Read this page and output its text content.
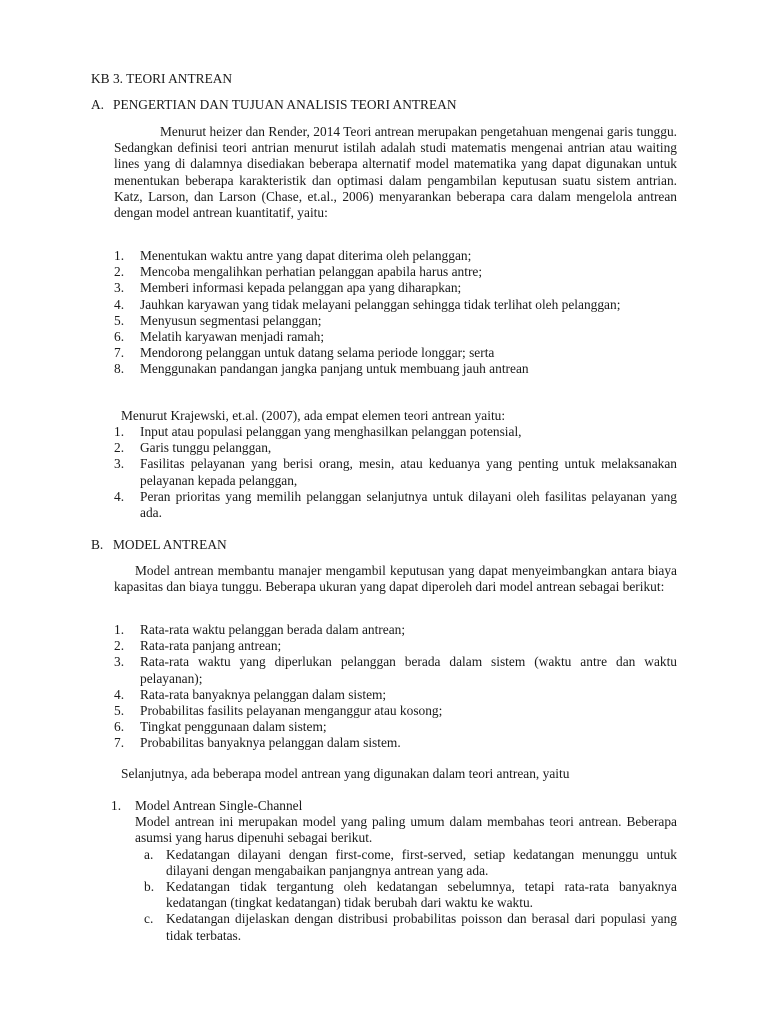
KB 3. TEORI ANTREAN
A. PENGERTIAN DAN TUJUAN ANALISIS TEORI ANTREAN
Menurut heizer dan Render, 2014 Teori antrean merupakan pengetahuan mengenai garis tunggu. Sedangkan definisi teori antrian menurut istilah adalah studi matematis mengenai antrian atau waiting lines yang di dalamnya disediakan beberapa alternatif model matematika yang dapat digunakan untuk menentukan beberapa karakteristik dan optimasi dalam pengambilan keputusan suatu sistem antrian. Katz, Larson, dan Larson (Chase, et.al., 2006) menyarankan beberapa cara dalam mengelola antrean dengan model antrean kuantitatif, yaitu:
1. Menentukan waktu antre yang dapat diterima oleh pelanggan;
2. Mencoba mengalihkan perhatian pelanggan apabila harus antre;
3. Memberi informasi kepada pelanggan apa yang diharapkan;
4. Jauhkan karyawan yang tidak melayani pelanggan sehingga tidak terlihat oleh pelanggan;
5. Menyusun segmentasi pelanggan;
6. Melatih karyawan menjadi ramah;
7. Mendorong pelanggan untuk datang selama periode longgar; serta
8. Menggunakan pandangan jangka panjang untuk membuang jauh antrean
Menurut Krajewski, et.al. (2007), ada empat elemen teori antrean yaitu:
1. Input atau populasi pelanggan yang menghasilkan pelanggan potensial,
2. Garis tunggu pelanggan,
3. Fasilitas pelayanan yang berisi orang, mesin, atau keduanya yang penting untuk melaksanakan pelayanan kepada pelanggan,
4. Peran prioritas yang memilih pelanggan selanjutnya untuk dilayani oleh fasilitas pelayanan yang ada.
B. MODEL ANTREAN
Model antrean membantu manajer mengambil keputusan yang dapat menyeimbangkan antara biaya kapasitas dan biaya tunggu. Beberapa ukuran yang dapat diperoleh dari model antrean sebagai berikut:
1. Rata-rata waktu pelanggan berada dalam antrean;
2. Rata-rata panjang antrean;
3. Rata-rata waktu yang diperlukan pelanggan berada dalam sistem (waktu antre dan waktu pelayanan);
4. Rata-rata banyaknya pelanggan dalam sistem;
5. Probabilitas fasilits pelayanan menganggur atau kosong;
6. Tingkat penggunaan dalam sistem;
7. Probabilitas banyaknya pelanggan dalam sistem.
Selanjutnya, ada beberapa model antrean yang digunakan dalam teori antrean, yaitu
1. Model Antrean Single-Channel
Model antrean ini merupakan model yang paling umum dalam membahas teori antrean. Beberapa asumsi yang harus dipenuhi sebagai berikut.
a. Kedatangan dilayani dengan first-come, first-served, setiap kedatangan menunggu untuk dilayani dengan mengabaikan panjangnya antrean yang ada.
b. Kedatangan tidak tergantung oleh kedatangan sebelumnya, tetapi rata-rata banyaknya kedatangan (tingkat kedatangan) tidak berubah dari waktu ke waktu.
c. Kedatangan dijelaskan dengan distribusi probabilitas poisson dan berasal dari populasi yang tidak terbatas.
